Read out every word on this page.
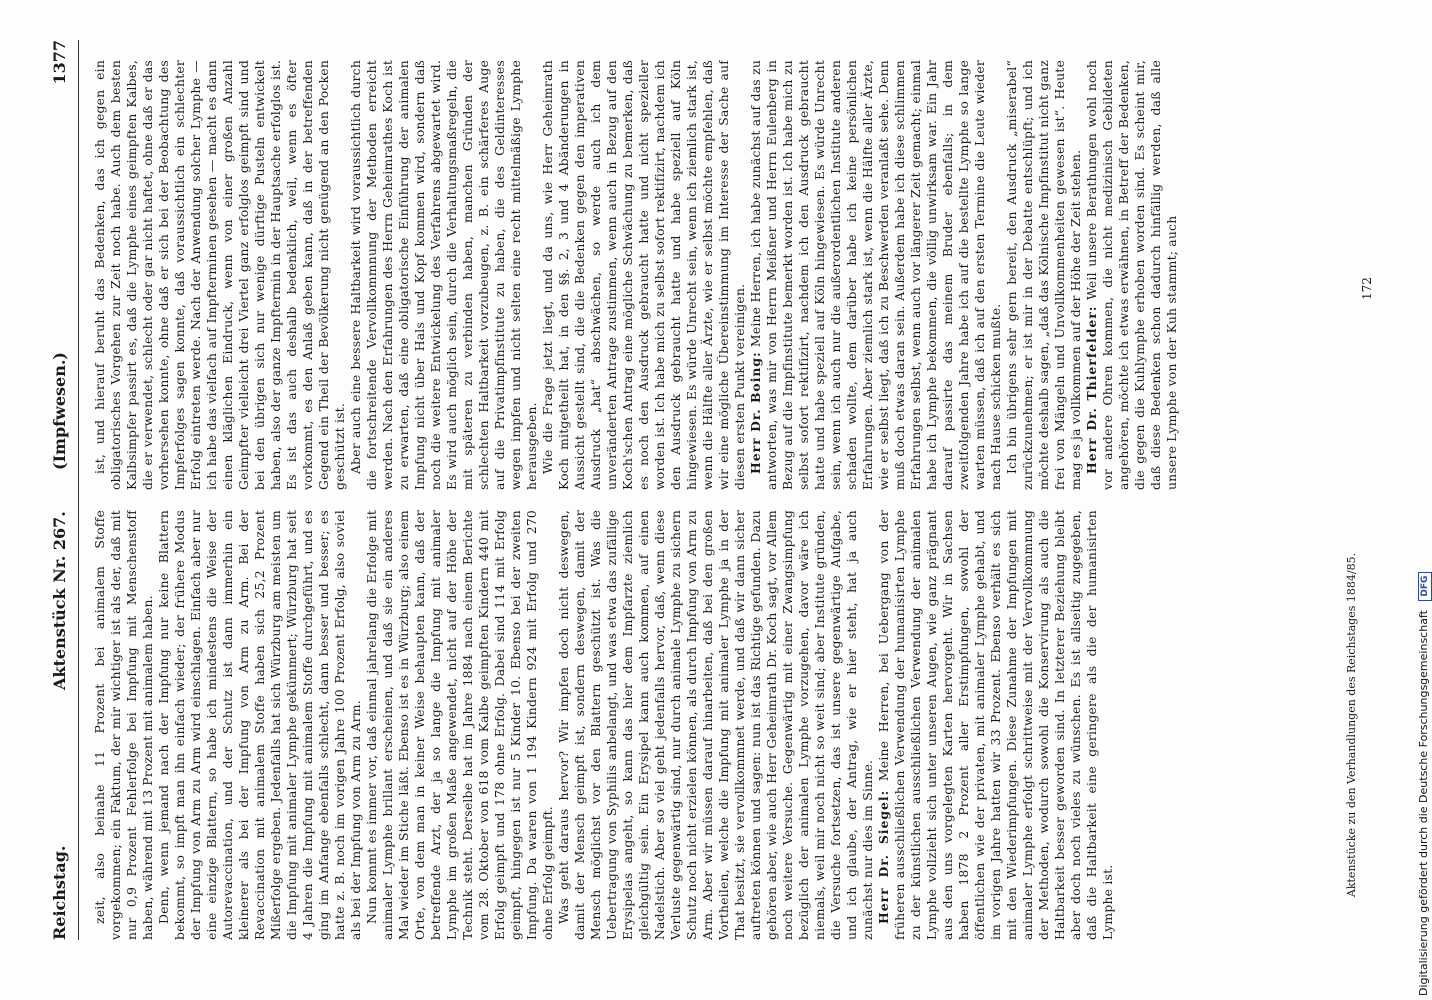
Reichstag.
Aktenstück Nr. 267.
(Impfwesen.)
1377

zeit, also beinahe 11 Prozent bei animalem Stoffe vorgekommen; ein Faktum, der mir wichtiger ist als der, daß mit nur 0,9 Prozent Fehlerfolge bei Impfung mit Menschenstoff haben, während mit 13 Prozent mit animalem haben. Denn, wenn jemand nach der Impfung nur keine Blattern bekommt, so impft man ihn einfach wieder; der frühere Modus der Impfung von Arm zu Arm wird einschlagen. Einfach aber nur eine einzige Blattern, so habe ich mindestens die Weise der Autorevaccination, und der Schutz ist dann immerhin ein kleinerer als bei der Impfung von Arm zu Arm. Bei der Revaccination mit animalem Stoffe haben sich 25,2 Prozent Mißerfolge ergeben. Jedenfalls hat sich Würzburg am meisten um die Impfung mit animaler Lymphe gekümmert; Würzburg hat seit 4 Jahren die Impfung mit animalem Stoffe durchgeführt, und es ging im Anfange ebenfalls schlecht, dann besser und besser; es hatte z. B. noch im vorigen Jahre 100 Prozent Erfolg, also soviel als bei der Impfung von Arm zu Arm. Nun kommt es immer vor, daß einmal jahrelang die Erfolge mit animaler Lymphe brillant erscheinen, und daß sie ein anderes Mal wieder im Stiche läßt. Ebenso ist es in Würzburg; also einem Orte, von dem man in keiner Weise behaupten kann, daß der betreffende Arzt, der ja so lange die Impfung mit animaler Lymphe im großen Maße angewendet, nicht auf der Höhe der Technik steht. Derselbe hat im Jahre 1884 nach einem Berichte vom 28. Oktober von 618 vom Kalbe geimpften Kindern 440 mit Erfolg geimpft und 178 ohne Erfolg. Dabei sind 114 mit Erfolg geimpft, hingegen ist nur 5 Kinder 10. Ebenso bei der zweiten Impfung. Da waren von 1 194 Kindern 924 mit Erfolg und 270 ohne Erfolg geimpft. Was geht daraus hervor? Wir impfen doch nicht deswegen, damit der Mensch geimpft ist, sondern deswegen, damit der Mensch möglichst vor den Blattern geschützt ist. Was die Uebertragung von Syphilis anbelangt, und was etwa das zufällige Erysipelas angeht, so kann das hier dem Impfarzte ziemlich gleichgültig sein. Ein Erysipel kann auch kommen, auf einen Nadelstich. Aber so viel geht jedenfalls hervor, daß, wenn diese Verluste gegenwärtig sind, nur durch animale Lymphe zu sichern Schutz noch nicht erzielen können, als durch Impfung von Arm zu Arm. Aber wir müssen darauf hinarbeiten, daß bei den großen Vortheilen, welche die Impfung mit animaler Lymphe ja in der That besitzt, sie vervollkommnet werde, und daß wir dann sicher auftreten können und sagen: nun ist das Richtige gefunden. Dazu gehören aber, wie auch Herr Geheimrath Dr. Koch sagt, vor Allem noch weitere Versuche. Gegenwärtig mit einer Zwangsimpfung bezüglich der animalen Lymphe vorzugehen, davor wäre ich niemals, weil mir noch nicht so weit sind; aber Institute gründen, die Versuche fortsetzen, das ist unsere gegenwärtige Aufgabe, und ich glaube, der Antrag, wie er hier steht, hat ja auch zunächst nur dies im Sinne. Herr Dr. Siegel: Meine Herren, bei Uebergang von der früheren ausschließlichen Verwendung der humanisirten Lymphe zu der künstlichen ausschließlichen Verwendung der animalen Lymphe vollzieht sich unter unseren Augen, wie ganz prägnant aus den uns vorgelegten Karten hervorgeht. Wir in Sachsen haben 1878 2 Prozent aller Erstimpfungen, sowohl der öffentlichen wie der privaten, mit animaler Lymphe gehabt, und im vorigen Jahre hatten wir 33 Prozent. Ebenso verhält es sich mit den Wiederimpfungen. Diese Zunahme der Impfungen mit animaler Lymphe erfolgt schrittweise mit der Vervollkommnung der Methoden, wodurch sowohl die Konservirung als auch die Haltbarkeit besser geworden sind. In letzterer Beziehung bleibt aber doch noch vieles zu wünschen. Es ist allseitig zugegeben, daß die Haltbarkeit eine geringere als die der humanisirten Lymphe ist.

ist, und hierauf beruht das Bedenken, das ich gegen ein obligatorisches Vorgehen zur Zeit noch habe. Auch dem besten Kalbsimpfer passirt es, daß die Lymphe eines geimpften Kalbes, die er verwendet, schlecht oder gar nicht haftet, ohne daß er das vorhersehen konnte, ohne daß er sich bei der Beobachtung des Impferfolges sagen konnte, daß voraussichtlich ein schlechter Erfolg eintreten werde. Nach der Anwendung solcher Lymphe — ich habe das vielfach auf Impfterminen gesehen — macht es dann einen kläglichen Eindruck, wenn von einer großen Anzahl Geimpfter vielleicht drei Viertel ganz erfolglos geimpft sind und bei den übrigen sich nur wenige dürftige Pusteln entwickelt haben, also der ganze Impftermin in der Hauptsache erfolglos ist. Es ist das auch deshalb bedenklich, weil, wenn es öfter vorkommt, es den Anlaß geben kann, daß in der betreffenden Gegend ein Theil der Bevölkerung nicht genügend an den Pocken geschützt ist. Aber auch eine bessere Haltbarkeit wird voraussichtlich durch die fortschreitende Vervollkommnung der Methoden erreicht werden. Nach den Erfahrungen des Herrn Geheimrathes Koch ist zu erwarten, daß eine obligatorische Einführung der animalen Impfung nicht über Hals und Kopf kommen wird, sondern daß noch die weitere Entwickelung des Verfahrens abgewartet wird. Es wird auch möglich sein, durch die Verhaltungsmaßregeln, die mit späteren zu verbinden haben, manchen Gründen der schlechten Haltbarkeit vorzubeugen, z. B. ein schärferes Auge auf die Privatimpfinstitute zu haben, die des Geldinteresses wegen impfen und nicht selten eine recht mittelmäßige Lymphe herausgeben. Wie die Frage jetzt liegt, und da uns, wie Herr Geheimrath Koch mitgetheilt hat, in den §§. 2, 3 und 4 Abänderungen in Aussicht gestellt sind, die die Bedenken gegen den imperativen Ausdruck „hat“ abschwächen, so werde auch ich dem unveränderten Antrage zustimmen, wenn auch in Bezug auf den Koch'schen Antrag eine mögliche Schwächung zu bemerken, daß es noch den Ausdruck gebraucht hatte und nicht spezieller worden ist. Ich habe mich zu selbst sofort rektifizirt, nachdem ich den Ausdruck gebraucht hatte und habe speziell auf Köln hingewiesen. Es würde Unrecht sein, wenn ich ziemlich stark ist, wenn die Hälfte aller Ärzte, wie er selbst möchte empfehlen, daß wir eine mögliche Übereinstimmung im Interesse der Sache auf diesen ersten Punkt vereinigen. Herr Dr. Boing: Meine Herren, ich habe zunächst auf das zu antworten, was mir von Herrn Meißner und Herrn Eulenberg in Bezug auf die Impfinstitute bemerkt worden ist. Ich habe mich zu selbst sofort rektifizirt, nachdem ich den Ausdruck gebraucht hatte und habe speziell auf Köln hingewiesen. Es würde Unrecht sein, wenn ich auch nur die außerordentlichen Institute anderen schaden wollte, dem darüber habe ich keine persönlichen Erfahrungen. Aber ziemlich stark ist, wenn die Hälfte aller Ärzte, wie er selbst liegt, daß ich zu Beschwerden veranlaßt sehe. Denn muß doch etwas daran sein. Außerdem habe ich diese schlimmen Erfahrungen selbst, wenn auch vor längerer Zeit gemacht; einmal habe ich Lymphe bekommen, die völlig unwirksam war. Ein Jahr darauf passirte das meinem Bruder ebenfalls; in dem zweitfolgenden Jahre habe ich auf die bestellte Lymphe so lange warten müssen, daß ich auf den ersten Termine die Leute wieder nach Hause schicken mußte. Ich bin übrigens sehr gern bereit, den Ausdruck „miserabel“ zurückzunehmen; er ist mir in der Debatte entschlüpft; und ich möchte deshalb sagen, „daß das Kölnische Impfinstitut nicht ganz frei von Mängeln und Unvollkommenheiten gewesen ist“. Heute mag es ja vollkommen auf der Höhe der Zeit stehen. Herr Dr. Thierfelder: Weil unsere Berathungen wohl noch vor andere Ohren kommen, die nicht medizinisch Gebildeten angehören, möchte ich etwas erwähnen, in Betreff der Bedenken, die gegen die Kuhlymphe erhoben worden sind. Es scheint mir, daß diese Bedenken schon dadurch hinfällig werden, daß alle unsere Lymphe von der Kuh stammt; auch

Aktenstücke zu den Verhandlungen des Reichstages 1884/85.
172
Digitalisierung gefördert durch die Deutsche Forschungsgemeinschaft DFG
